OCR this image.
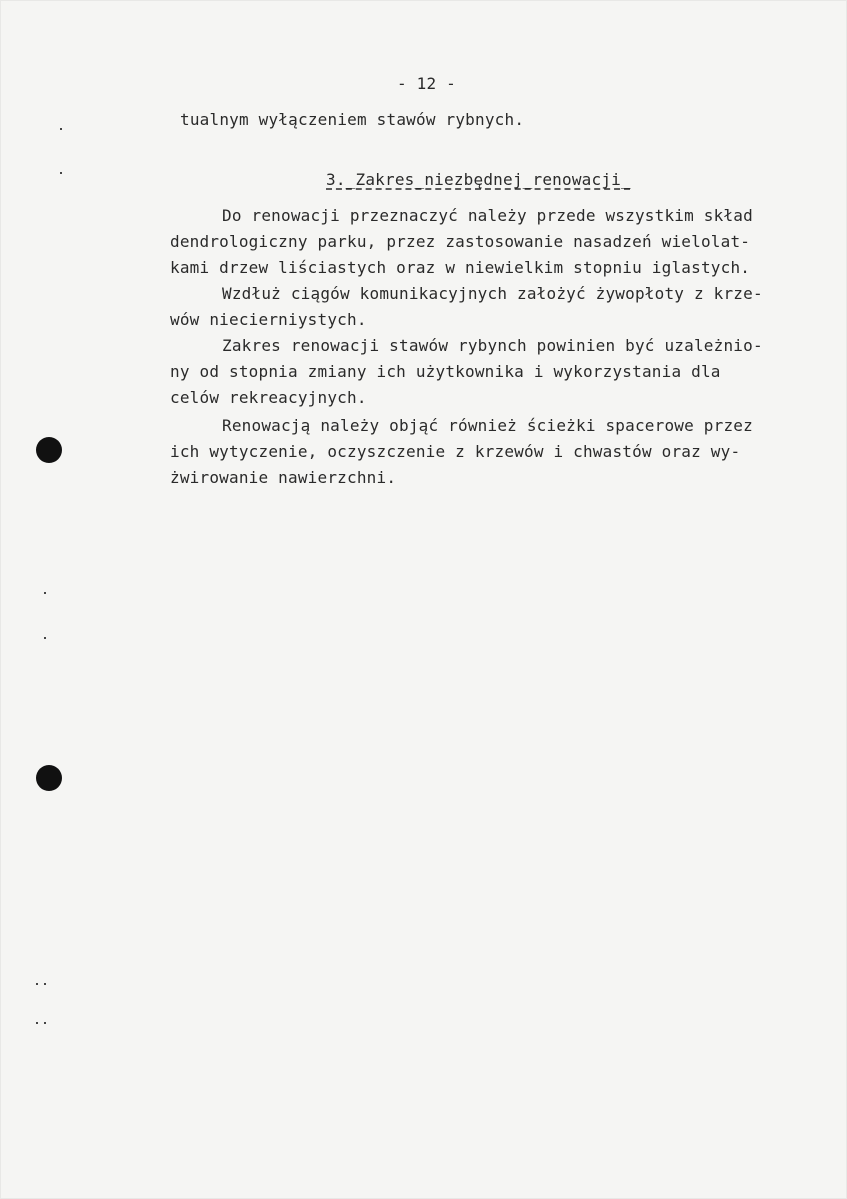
- 12 -
tualnym wyłączeniem stawów rybnych.
3._Zakres_niezbędnej_renowacji_
Do renowacji przeznaczyć należy przede wszystkim skład
dendrologiczny parku, przez zastosowanie nasadzeń wielolat-
kami drzew liściastych oraz w niewielkim stopniu iglastych.
Wzdłuż ciągów komunikacyjnych założyć żywopłoty z krze-
wów niecierniystych.
Zakres renowacji stawów rybynch powinien być uzależnio-
ny od stopnia zmiany ich użytkownika i wykorzystania dla
celów rekreacyjnych.
Renowacją należy objąć również ścieżki spacerowe przez
ich wytyczenie, oczyszczenie z krzewów i chwastów oraz wy-
żwirowanie nawierzchni.
